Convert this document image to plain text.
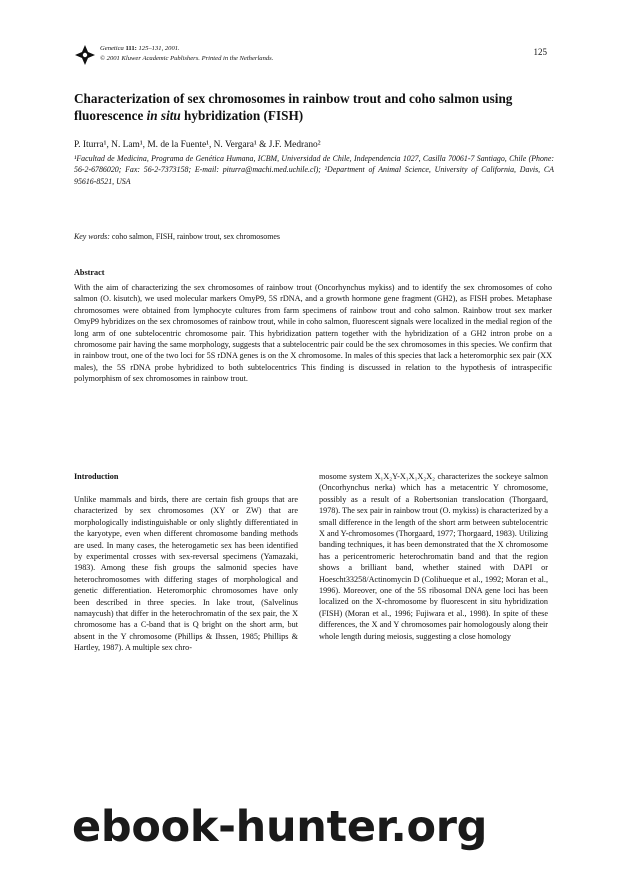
Genetica 111: 125–131, 2001.
© 2001 Kluwer Academic Publishers. Printed in the Netherlands.
125
Characterization of sex chromosomes in rainbow trout and coho salmon using fluorescence in situ hybridization (FISH)
P. Iturra¹, N. Lam¹, M. de la Fuente¹, N. Vergara¹ & J.F. Medrano²
¹Facultad de Medicina, Programa de Genética Humana, ICBM, Universidad de Chile, Independencia 1027, Casilla 70061-7 Santiago, Chile (Phone: 56-2-6786020; Fax: 56-2-7373158; E-mail: piturra@machi.med.uchile.cl); ²Department of Animal Science, University of California, Davis, CA 95616-8521, USA
Key words: coho salmon, FISH, rainbow trout, sex chromosomes
Abstract

With the aim of characterizing the sex chromosomes of rainbow trout (Oncorhynchus mykiss) and to identify the sex chromosomes of coho salmon (O. kisutch), we used molecular markers OmyP9, 5S rDNA, and a growth hormone gene fragment (GH2), as FISH probes. Metaphase chromosomes were obtained from lymphocyte cultures from farm specimens of rainbow trout and coho salmon. Rainbow trout sex marker OmyP9 hybridizes on the sex chromosomes of rainbow trout, while in coho salmon, fluorescent signals were localized in the medial region of the long arm of one subtelocentric chromosome pair. This hybridization pattern together with the hybridization of a GH2 intron probe on a chromosome pair having the same morphology, suggests that a subtelocentric pair could be the sex chromosomes in this species. We confirm that in rainbow trout, one of the two loci for 5S rDNA genes is on the X chromosome. In males of this species that lack a heteromorphic sex pair (XX males), the 5S rDNA probe hybridized to both subtelocentrics This finding is discussed in relation to the hypothesis of intraspecific polymorphism of sex chromosomes in rainbow trout.

Introduction

Unlike mammals and birds, there are certain fish groups that are characterized by sex chromosomes (XY or ZW) that are morphologically indistinguishable or only slightly differentiated in the karyotype, even when different chromosome banding methods are used. In many cases, the heterogametic sex has been identified by experimental crosses with sex-reversal specimens (Yamazaki, 1983). Among these fish groups the salmonid species have heterochromosomes with differing stages of morphological and genetic differentiation. Heteromorphic chromosomes have only been described in three species. In lake trout, (Salvelinus namaycush) that differ in the heterochromatin of the sex pair, the X chromosome has a C-band that is Q bright on the short arm, but absent in the Y chromosome (Phillips & Ihssen, 1985; Phillips & Hartley, 1987). A multiple sex chro-

mosome system X₁X₂Y-X₁X₁X₂X₂ characterizes the sockeye salmon (Oncorhynchus nerka) which has a metacentric Y chromosome, possibly as a result of a Robertsonian translocation (Thorgaard, 1978). The sex pair in rainbow trout (O. mykiss) is characterized by a small difference in the length of the short arm between subtelocentric X and Y-chromosomes (Thorgaard, 1977; Thorgaard, 1983). Utilizing banding techniques, it has been demonstrated that the X chromosome has a pericentromeric heterochromatin band and that the region shows a brilliant band, whether stained with DAPI or Hoescht33258/Actinomycin D (Colihueque et al., 1992; Moran et al., 1996). Moreover, one of the 5S ribosomal DNA gene loci has been localized on the X-chromosome by fluorescent in situ hybridization (FISH) (Moran et al., 1996; Fujiwara et al., 1998). In spite of these differences, the X and Y chromosomes pair homologously along their whole length during meiosis, suggesting a close homology

ebook-hunter.org
